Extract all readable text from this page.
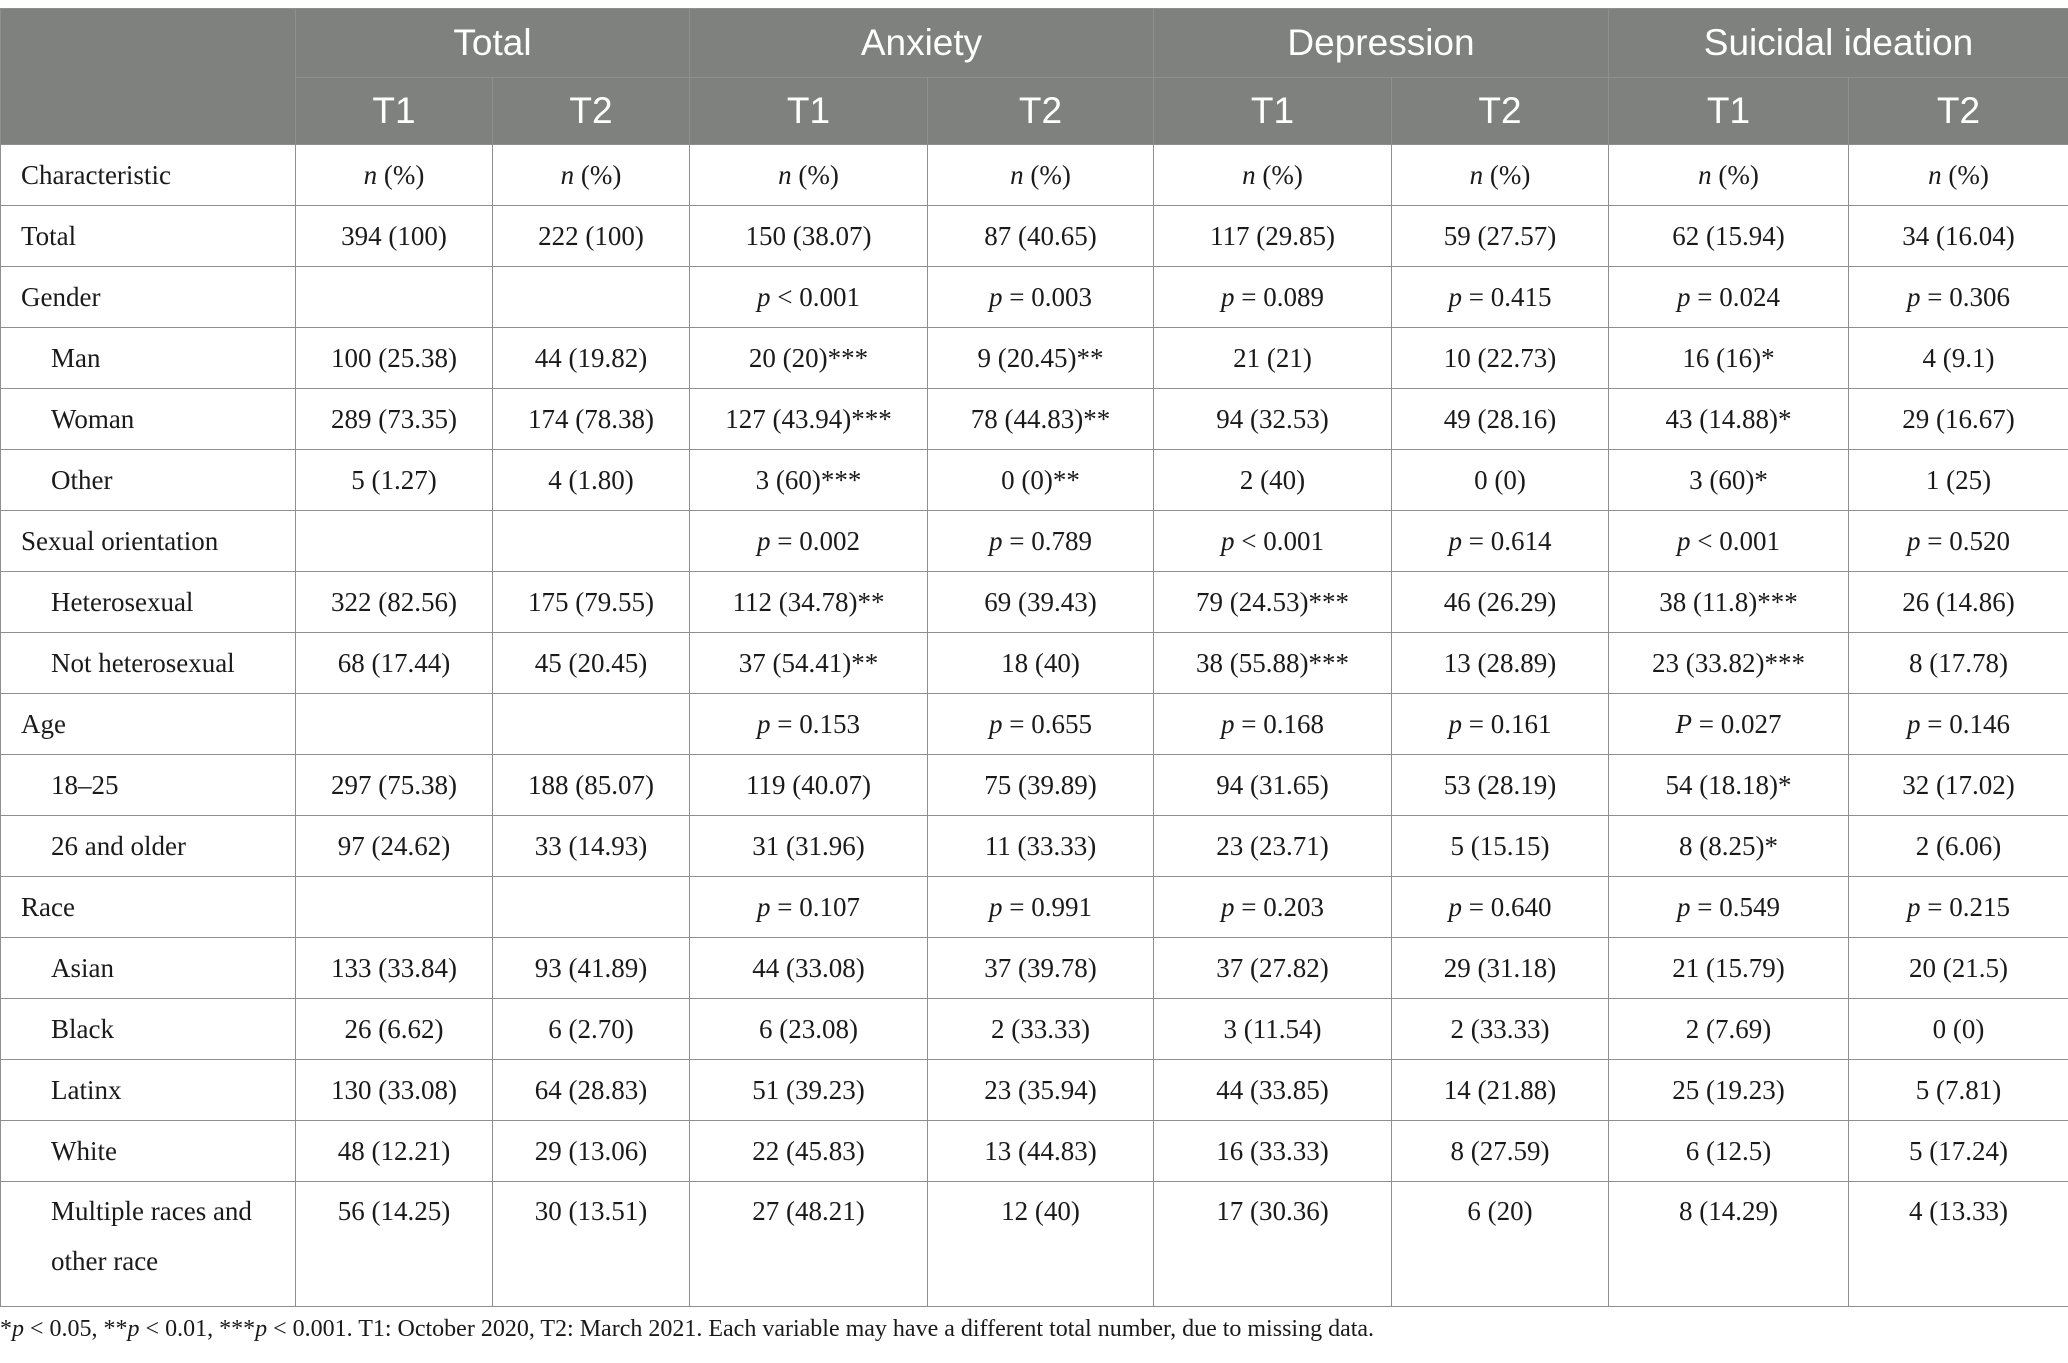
	Total		Anxiety		Depression		Suicidal ideation	
	T1	T2	T1	T2	T1	T2	T1	T2
Characteristic	n (%)	n (%)	n (%)	n (%)	n (%)	n (%)	n (%)	n (%)
Total	394 (100)	222 (100)	150 (38.07)	87 (40.65)	117 (29.85)	59 (27.57)	62 (15.94)	34 (16.04)
Gender			p < 0.001	p = 0.003	p = 0.089	p = 0.415	p = 0.024	p = 0.306
Man	100 (25.38)	44 (19.82)	20 (20)***	9 (20.45)**	21 (21)	10 (22.73)	16 (16)*	4 (9.1)
Woman	289 (73.35)	174 (78.38)	127 (43.94)***	78 (44.83)**	94 (32.53)	49 (28.16)	43 (14.88)*	29 (16.67)
Other	5 (1.27)	4 (1.80)	3 (60)***	0 (0)**	2 (40)	0 (0)	3 (60)*	1 (25)
Sexual orientation			p = 0.002	p = 0.789	p < 0.001	p = 0.614	p < 0.001	p = 0.520
Heterosexual	322 (82.56)	175 (79.55)	112 (34.78)**	69 (39.43)	79 (24.53)***	46 (26.29)	38 (11.8)***	26 (14.86)
Not heterosexual	68 (17.44)	45 (20.45)	37 (54.41)**	18 (40)	38 (55.88)***	13 (28.89)	23 (33.82)***	8 (17.78)
Age			p = 0.153	p = 0.655	p = 0.168	p = 0.161	P = 0.027	p = 0.146
18–25	297 (75.38)	188 (85.07)	119 (40.07)	75 (39.89)	94 (31.65)	53 (28.19)	54 (18.18)*	32 (17.02)
26 and older	97 (24.62)	33 (14.93)	31 (31.96)	11 (33.33)	23 (23.71)	5 (15.15)	8 (8.25)*	2 (6.06)
Race			p = 0.107	p = 0.991	p = 0.203	p = 0.640	p = 0.549	p = 0.215
Asian	133 (33.84)	93 (41.89)	44 (33.08)	37 (39.78)	37 (27.82)	29 (31.18)	21 (15.79)	20 (21.5)
Black	26 (6.62)	6 (2.70)	6 (23.08)	2 (33.33)	3 (11.54)	2 (33.33)	2 (7.69)	0 (0)
Latinx	130 (33.08)	64 (28.83)	51 (39.23)	23 (35.94)	44 (33.85)	14 (21.88)	25 (19.23)	5 (7.81)
White	48 (12.21)	29 (13.06)	22 (45.83)	13 (44.83)	16 (33.33)	8 (27.59)	6 (12.5)	5 (17.24)
Multiple races and other race	56 (14.25)	30 (13.51)	27 (48.21)	12 (40)	17 (30.36)	6 (20)	8 (14.29)	4 (13.33)
*p < 0.05, **p < 0.01, ***p < 0.001. T1: October 2020, T2: March 2021. Each variable may have a different total number, due to missing data.
